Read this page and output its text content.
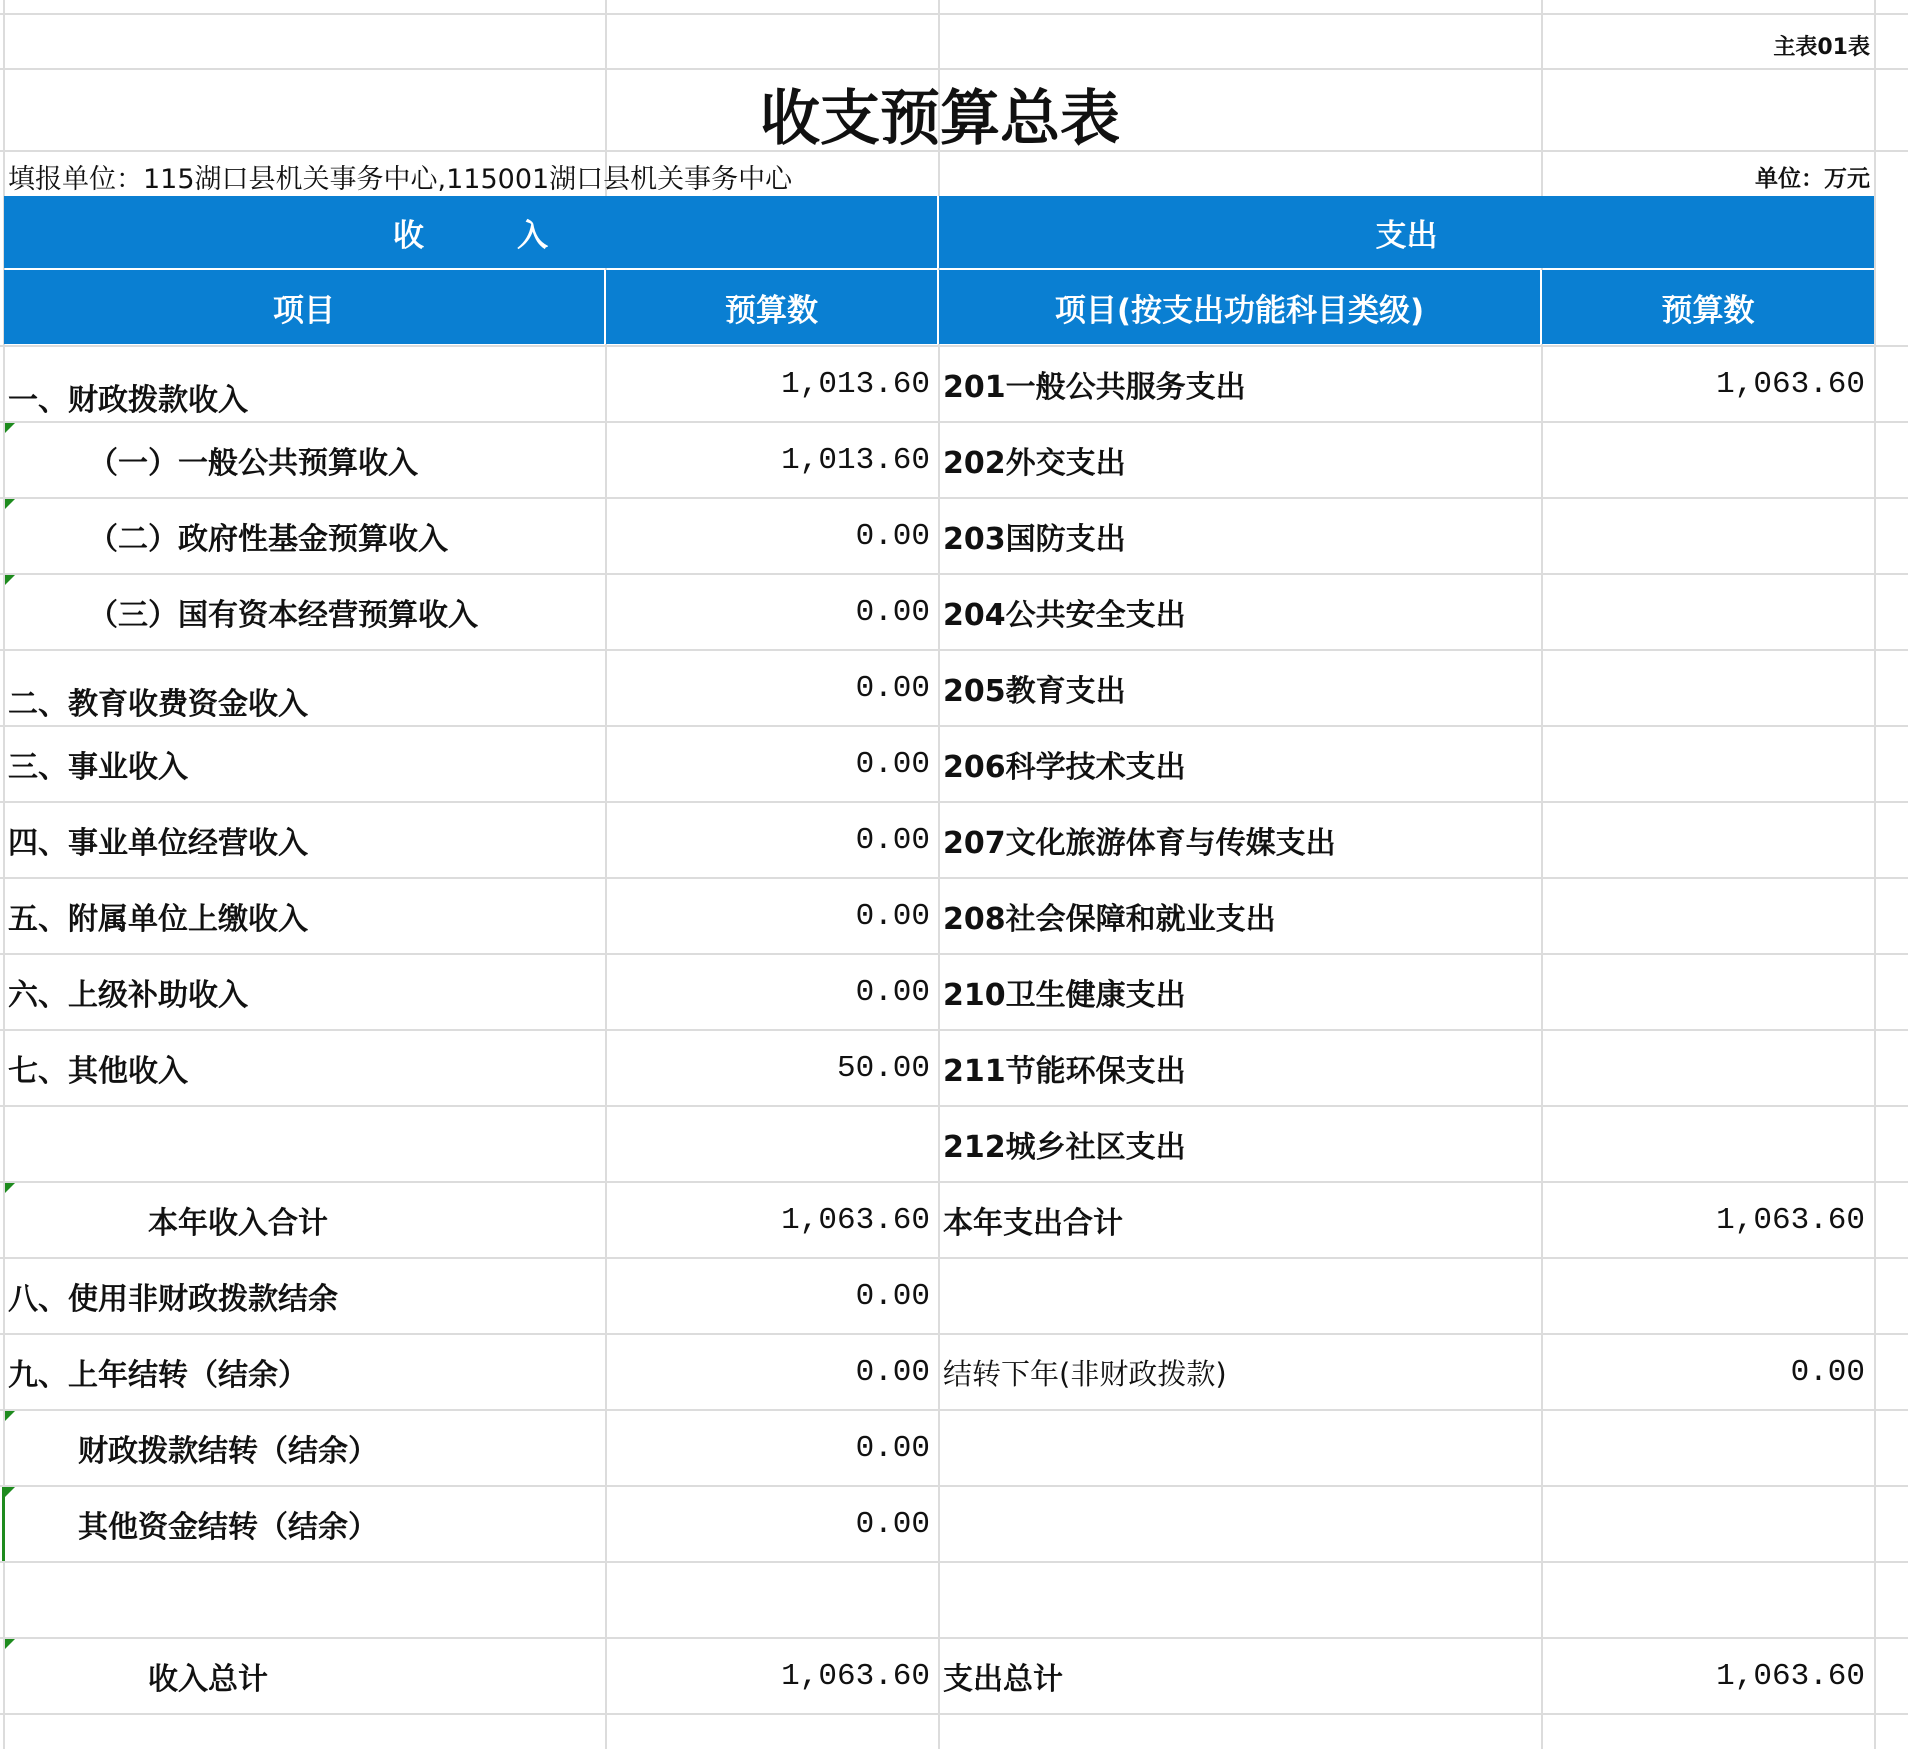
主表01表
收支预算总表
填报单位：115湖口县机关事务中心,115001湖口县机关事务中心	单位：万元
收　　　入	支出
项目	预算数	项目(按支出功能科目类级)	预算数
一、财政拨款收入	1,013.60 201一般公共服务支出	1,063.60
（一）一般公共预算收入	1,013.60 202外交支出
（二）政府性基金预算收入	0.00 203国防支出
（三）国有资本经营预算收入	0.00 204公共安全支出
二、教育收费资金收入	0.00 205教育支出
三、事业收入	0.00 206科学技术支出
四、事业单位经营收入	0.00 207文化旅游体育与传媒支出
五、附属单位上缴收入	0.00 208社会保障和就业支出
六、上级补助收入	0.00 210卫生健康支出
七、其他收入	50.00 211节能环保支出
212城乡社区支出
本年收入合计	1,063.60 本年支出合计	1,063.60
八、使用非财政拨款结余	0.00
九、上年结转（结余）	0.00 结转下年(非财政拨款)	0.00
财政拨款结转（结余）	0.00
其他资金结转（结余）	0.00
收入总计	1,063.60 支出总计	1,063.60
